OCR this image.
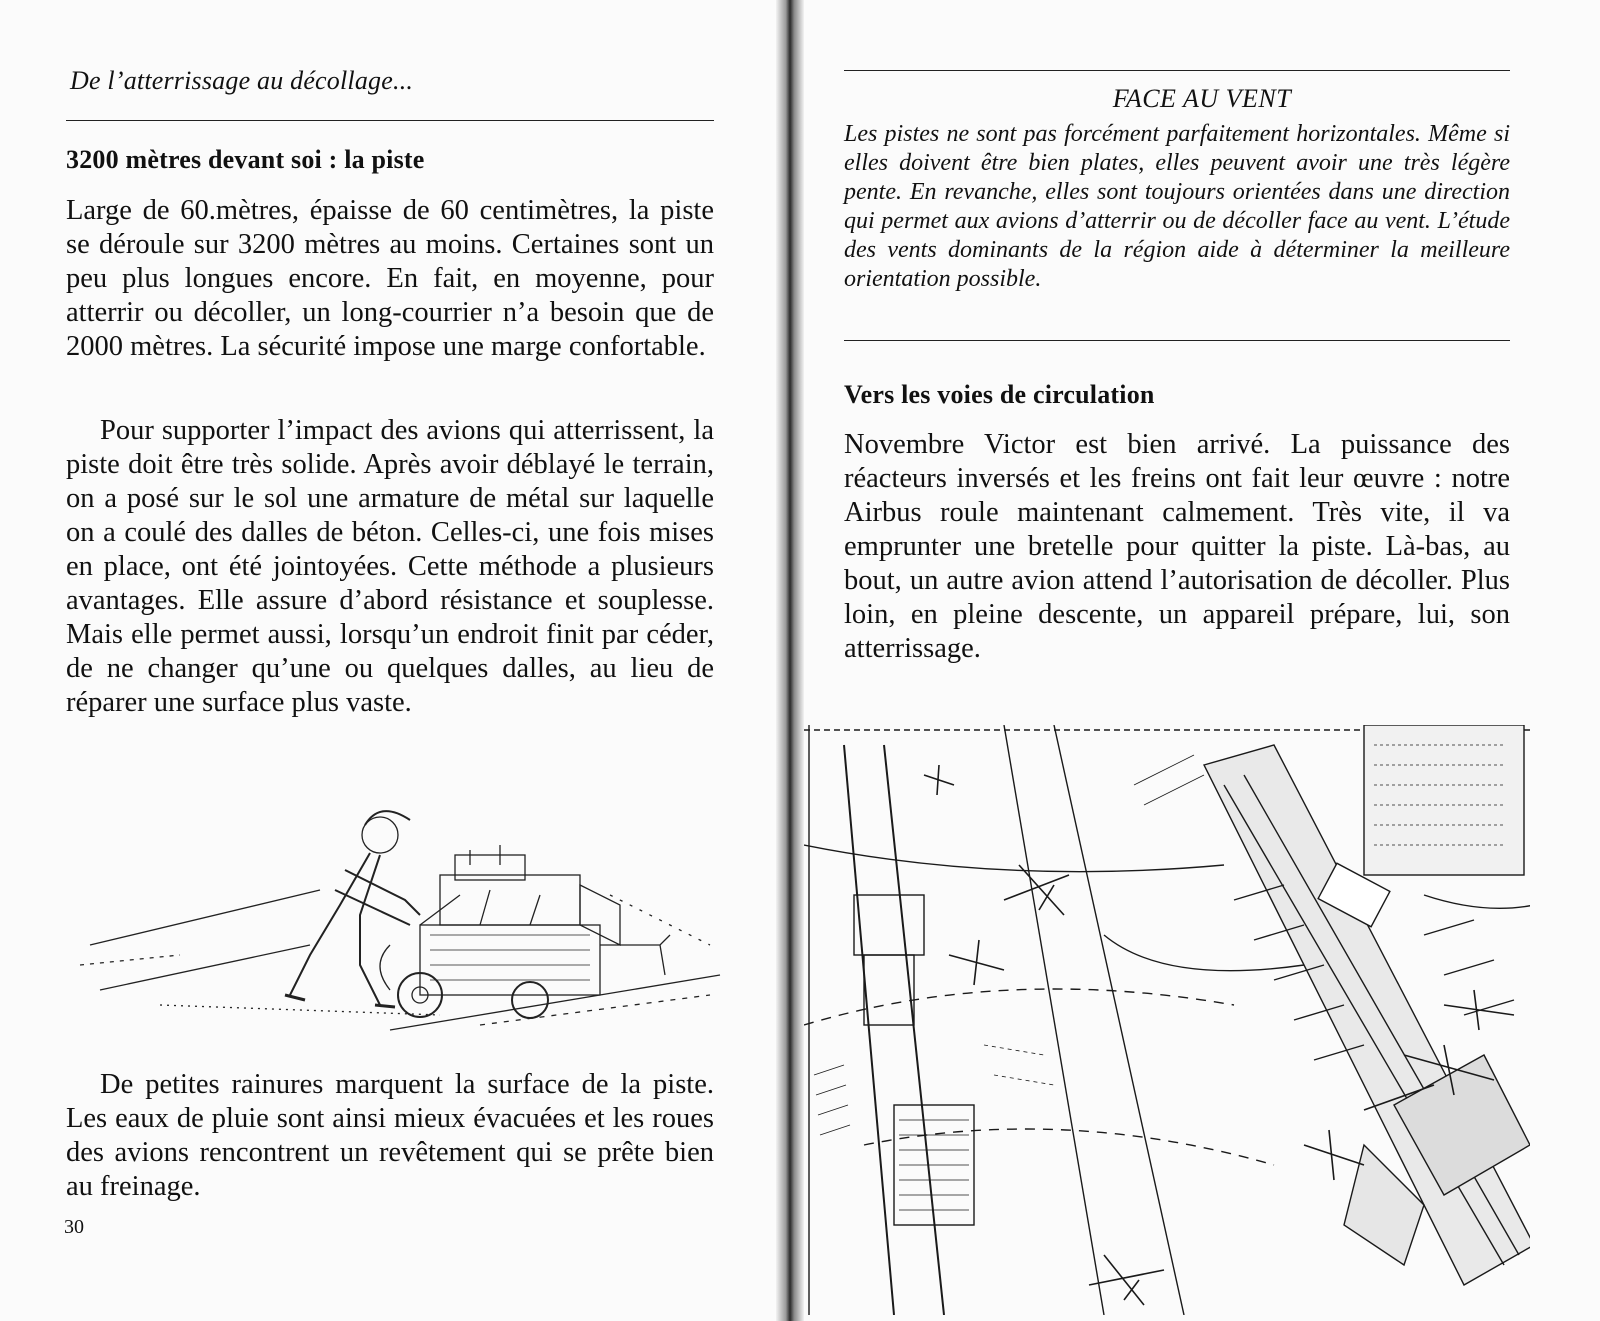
De l’atterrissage au décollage...
3200 mètres devant soi : la piste

Large de 60.mètres, épaisse de 60 centimètres, la piste se déroule sur 3200 mètres au moins. Certaines sont un peu plus longues encore. En fait, en moyenne, pour atterrir ou décoller, un long-courrier n’a besoin que de 2000 mètres. La sécurité impose une marge confortable.

Pour supporter l’impact des avions qui atterrissent, la piste doit être très solide. Après avoir déblayé le terrain, on a posé sur le sol une armature de métal sur laquelle on a coulé des dalles de béton. Celles-ci, une fois mises en place, ont été jointoyées. Cette méthode a plusieurs avantages. Elle assure d’abord résistance et souplesse. Mais elle permet aussi, lorsqu’un endroit finit par céder, de ne changer qu’une ou quelques dalles, au lieu de réparer une surface plus vaste.

De petites rainures marquent la surface de la piste. Les eaux de pluie sont ainsi mieux évacuées et les roues des avions rencontrent un revêtement qui se prête bien au freinage.

30
FACE AU VENT

Les pistes ne sont pas forcément parfaitement horizontales. Même si elles doivent être bien plates, elles peuvent avoir une très légère pente. En revanche, elles sont toujours orientées dans une direction qui permet aux avions d’atterrir ou de décoller face au vent. L’étude des vents dominants de la région aide à déterminer la meilleure orientation possible.

Vers les voies de circulation

Novembre Victor est bien arrivé. La puissance des réacteurs inversés et les freins ont fait leur œuvre : notre Airbus roule maintenant calmement. Très vite, il va emprunter une bretelle pour quitter la piste. Là-bas, au bout, un autre avion attend l’autorisation de décoller. Plus loin, en pleine descente, un appareil prépare, lui, son atterrissage.
